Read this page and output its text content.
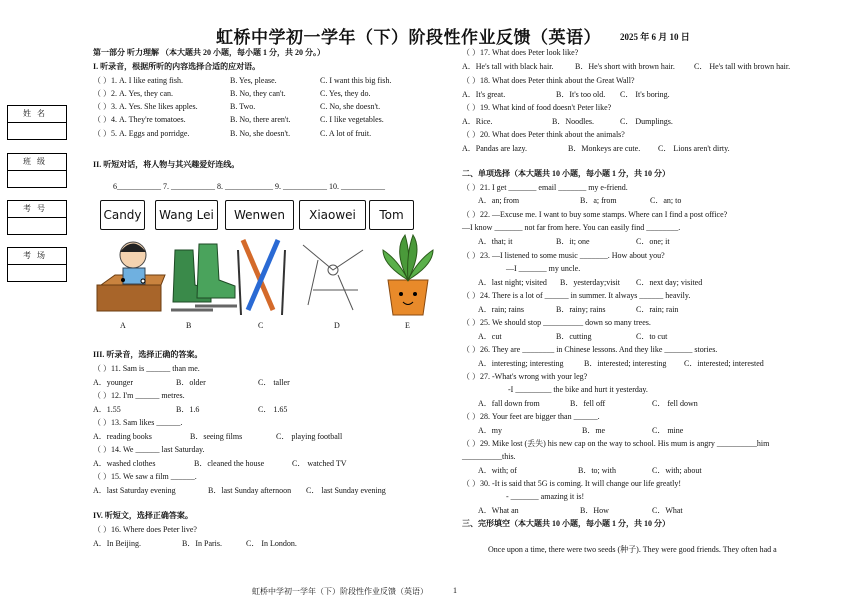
虹桥中学初一学年（下）阶段性作业反馈（英语） 2025 年 6 月 10 日
姓名
班级
考号
考场
第一部分 听力理解 （本大题共 20 小题，每小题 1 分，共 20 分。）
I. 听录音，根据所听的内容选择合适的应对语。
（ ）1. A. I like eating fish.	B. Yes, please.	C. I want this big fish.
（ ）2. A. Yes, they can.	B. No, they can't.	C. Yes, they do.
（ ）3. A. Yes. She likes apples.	B. Two.	C. No, she doesn't.
（ ）4. A. They're tomatoes.	B. No, there aren't.	C. I like vegetables.
（ ）5. A. Eggs and porridge.	B. No, she doesn't.	C. A lot of fruit.
II. 听短对话，将人物与其兴趣爱好连线。
6___________ 7. ___________ 8. ____________ 9. ___________ 10. ___________
Candy	Wang Lei	Wenwen	Xiaowei	Tom
A	B	C	D	E
III. 听录音，选择正确的答案。
（ ）11. Sam is ______ than me.
A．younger	B．older	C． taller
（ ）12. I'm ______ metres.
A．1.55	B．1.6	C． 1.65
（ ）13. Sam likes ______.
A．reading books	B．seeing films	C． playing football
（ ）14. We ______ last Saturday.
A．washed clothes	B．cleaned the house	C． watched TV
（ ）15. We saw a film ______.
A．last Saturday evening	B．last Sunday afternoon C． last Sunday evening
IV. 听短文，选择正确答案。
（ ）16. Where does Peter live?
A．In Beijing.	B．In Paris.	C． In London.
（ ）17. What does Peter look like?
A．He's tall with black hair.	B．He's short with brown hair. C． He's tall with brown hair.
（ ）18. What does Peter think about the Great Wall?
A．It's great.	B．It's too old. C． It's boring.
（ ）19. What kind of food doesn't Peter like?
A．Rice.	B．Noodles.	C． Dumplings.
（ ）20. What does Peter think about the animals?
A．Pandas are lazy.	B．Monkeys are cute. C． Lions aren't dirty.
二、单项选择（本大题共 10 小题，每小题 1 分，共 10 分）
（ ）21. I get _______ email _______ my e-friend.
A．an; from	B．a; from	C．an; to
（ ）22. —Excuse me. I want to buy some stamps. Where can I find a post office?
—I know _______ not far from here. You can easily find ________.
A．that; it	B．it; one	C．one; it
（ ）23. —I listened to some music _______. How about you?
—I _______ my uncle.
A．last night; visited B．yesterday;visit C．next day; visited
（ ）24. There is a lot of ______ in summer. It always ______ heavily.
A．rain; rains	B．rainy; rains	C．rain; rain
（ ）25. We should stop __________ down so many trees.
A．cut	B．cutting	C．to cut
（ ）26. They are ________ in Chinese lessons. And they like _______ stories.
A．interesting; interesting	B．interested; interesting C．interested; interested
（ ）27. -What's wrong with your leg?
-I _________ the bike and hurt it yesterday.
A．fall down from	B．fell off	C． fell down
（ ）28. Your feet are bigger than ______.
A．my	B．me	C． mine
（ ）29. Mike lost (丢失) his new cap on the way to school. His mum is angry __________him
__________this.
A．with; of	B．to; with	C．with; about
（ ）30. -It is said that 5G is coming. It will change our life greatly!
- _______ amazing it is!
A．What an	B．How	C．What
三、完形填空（本大题共 10 小题，每小题 1 分，共 10 分）
Once upon a time, there were two seeds (种子). They were good friends. They often had a
虹桥中学初一学年（下）阶段性作业反馈（英语）	1
